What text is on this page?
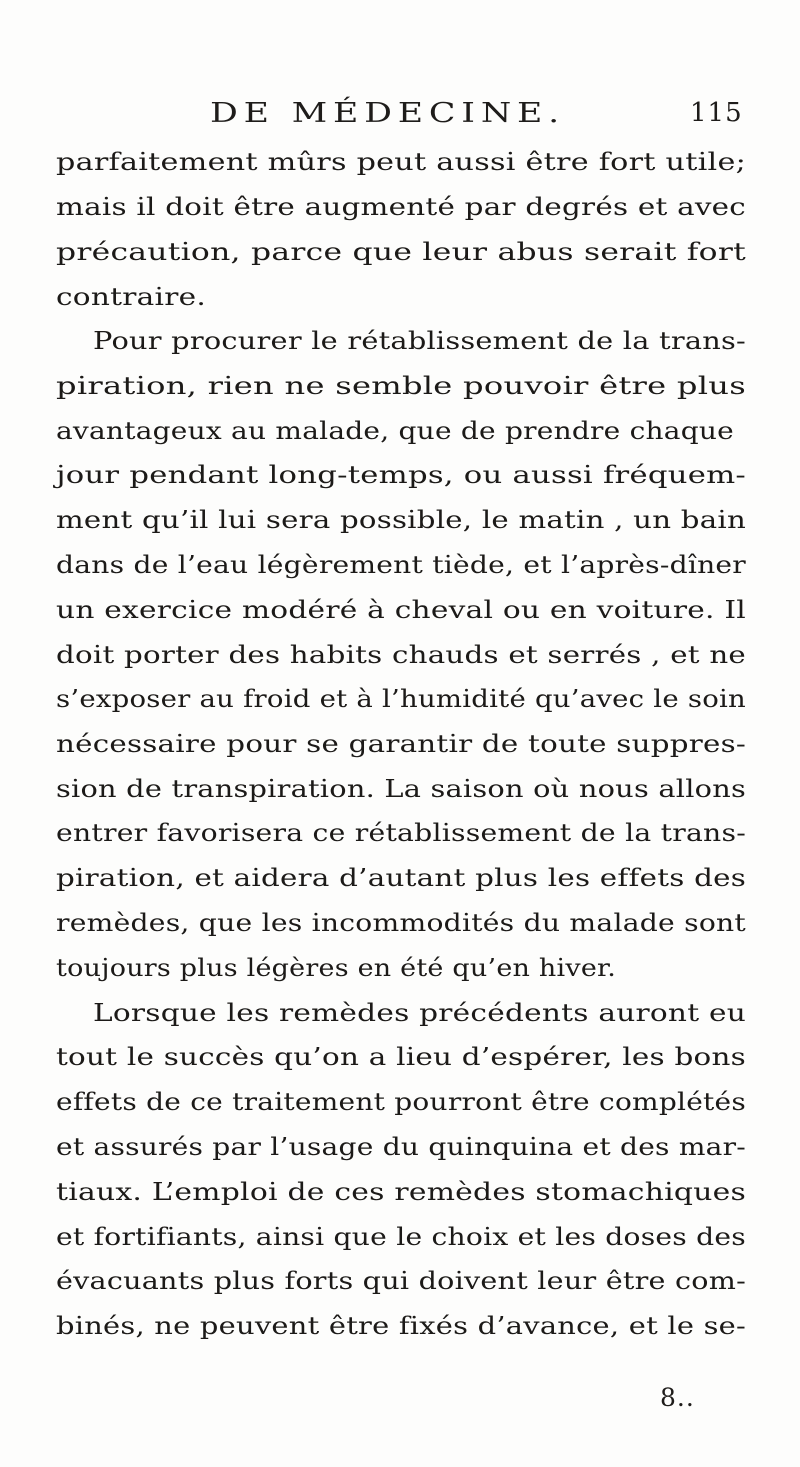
DE MÉDECINE.	115
parfaitement mûrs peut aussi être fort utile;
mais il doit être augmenté par degrés et avec
précaution, parce que leur abus serait fort
contraire.
Pour procurer le rétablissement de la trans-
piration, rien ne semble pouvoir être plus
avantageux au malade, que de prendre chaque
jour pendant long-temps, ou aussi fréquem-
ment qu’il lui sera possible, le matin , un bain
dans de l’eau légèrement tiède, et l’après-dîner
un exercice modéré à cheval ou en voiture. Il
doit porter des habits chauds et serrés , et ne
s’exposer au froid et à l’humidité qu’avec le soin
nécessaire pour se garantir de toute suppres-
sion de transpiration. La saison où nous allons
entrer favorisera ce rétablissement de la trans-
piration, et aidera d’autant plus les effets des
remèdes, que les incommodités du malade sont
toujours plus légères en été qu’en hiver.
Lorsque les remèdes précédents auront eu
tout le succès qu’on a lieu d’espérer, les bons
effets de ce traitement pourront être complétés
et assurés par l’usage du quinquina et des mar-
tiaux. L’emploi de ces remèdes stomachiques
et fortifiants, ainsi que le choix et les doses des
évacuants plus forts qui doivent leur être com-
binés, ne peuvent être fixés d’avance, et le se-
8..
